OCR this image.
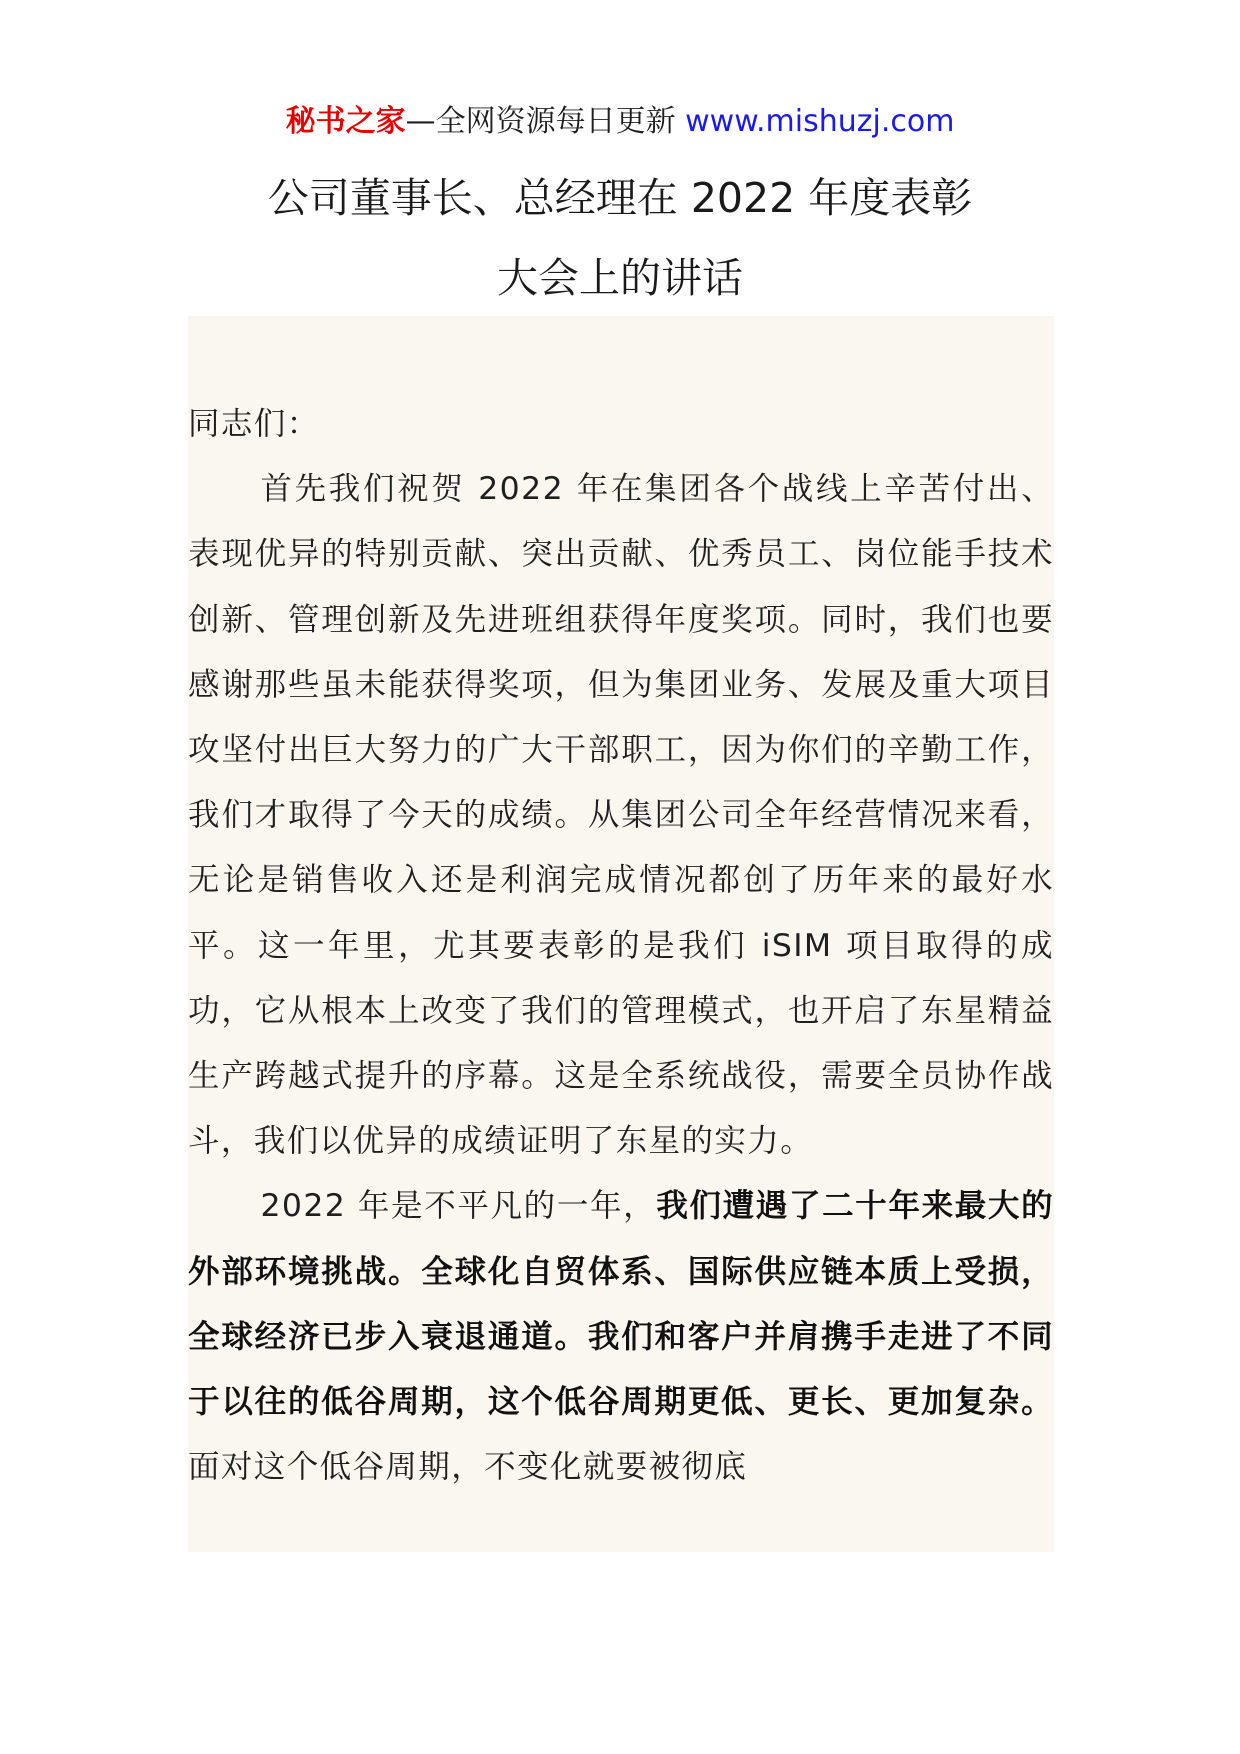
秘书之家—全网资源每日更新 www.mishuzj.com
公司董事长、总经理在 2022 年度表彰
大会上的讲话

同志们：

首先我们祝贺 2022 年在集团各个战线上辛苦付出、表现优异的特别贡献、突出贡献、优秀员工、岗位能手技术创新、管理创新及先进班组获得年度奖项。同时，我们也要感谢那些虽未能获得奖项，但为集团业务、发展及重大项目攻坚付出巨大努力的广大干部职工，因为你们的辛勤工作，我们才取得了今天的成绩。从集团公司全年经营情况来看，无论是销售收入还是利润完成情况都创了历年来的最好水平。这一年里，尤其要表彰的是我们 iSIM 项目取得的成功，它从根本上改变了我们的管理模式，也开启了东星精益生产跨越式提升的序幕。这是全系统战役，需要全员协作战斗，我们以优异的成绩证明了东星的实力。

2022 年是不平凡的一年，我们遭遇了二十年来最大的外部环境挑战。全球化自贸体系、国际供应链本质上受损，全球经济已步入衰退通道。我们和客户并肩携手走进了不同于以往的低谷周期，这个低谷周期更低、更长、更加复杂。面对这个低谷周期，不变化就要被彻底
